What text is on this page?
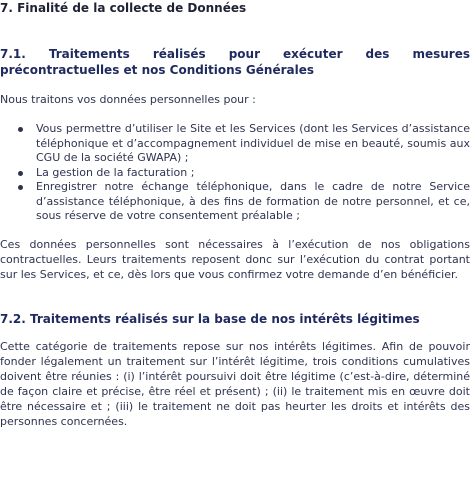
7. Finalité de la collecte de Données
7.1. Traitements réalisés pour exécuter des mesures précontractuelles et nos Conditions Générales
Nous traitons vos données personnelles pour :
Vous permettre d’utiliser le Site et les Services (dont les Services d’assistance téléphonique et d’accompagnement individuel de mise en beauté, soumis aux CGU de la société GWAPA) ;
La gestion de la facturation ;
Enregistrer notre échange téléphonique, dans le cadre de notre Service d’assistance téléphonique, à des fins de formation de notre personnel, et ce, sous réserve de votre consentement préalable ;
Ces données personnelles sont nécessaires à l’exécution de nos obligations contractuelles. Leurs traitements reposent donc sur l’exécution du contrat portant sur les Services, et ce, dès lors que vous confirmez votre demande d’en bénéficier.
7.2. Traitements réalisés sur la base de nos intérêts légitimes
Cette catégorie de traitements repose sur nos intérêts légitimes. Afin de pouvoir fonder légalement un traitement sur l’intérêt légitime, trois conditions cumulatives doivent être réunies : (i) l’intérêt poursuivi doit être légitime (c’est-à-dire, déterminé de façon claire et précise, être réel et présent) ; (ii) le traitement mis en œuvre doit être nécessaire et ; (iii) le traitement ne doit pas heurter les droits et intérêts des personnes concernées.
